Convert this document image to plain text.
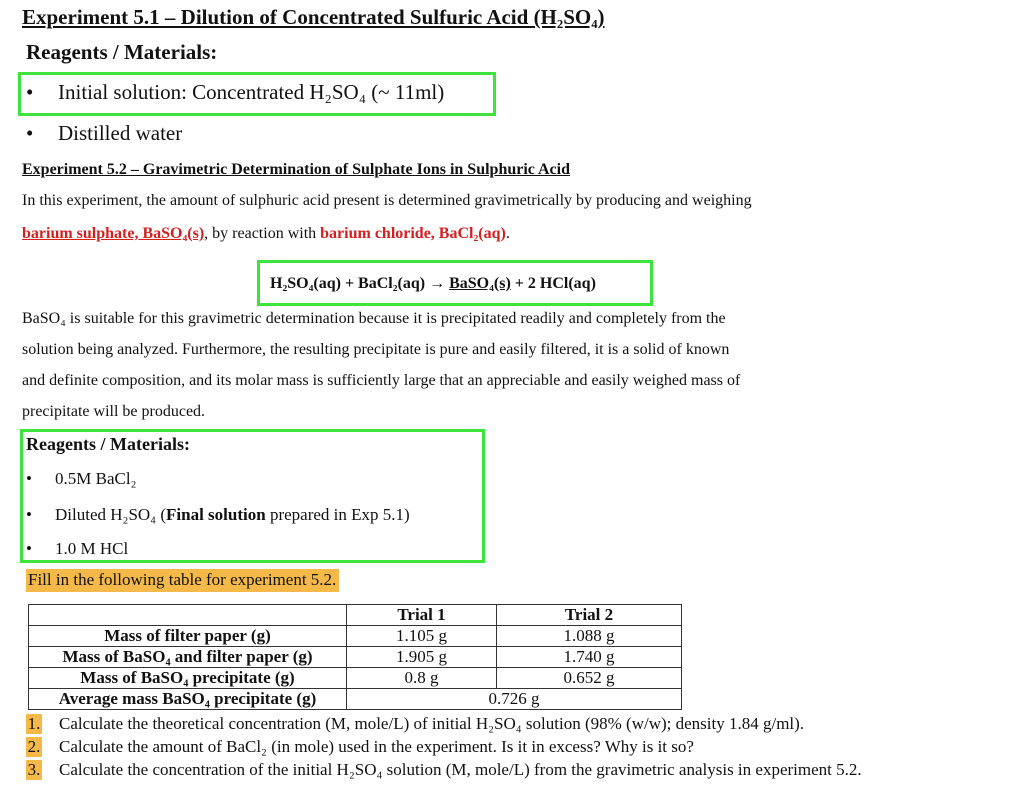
Experiment 5.1 – Dilution of Concentrated Sulfuric Acid (H₂SO₄)
Reagents / Materials:
• Initial solution: Concentrated H₂SO₄ (~ 11ml)
• Distilled water
Experiment 5.2 – Gravimetric Determination of Sulphate Ions in Sulphuric Acid
In this experiment, the amount of sulphuric acid present is determined gravimetrically by producing and weighing
barium sulphate, BaSO₄(s), by reaction with barium chloride, BaCl₂(aq).
H₂SO₄(aq) + BaCl₂(aq) → BaSO₄(s) + 2 HCl(aq)
BaSO₄ is suitable for this gravimetric determination because it is precipitated readily and completely from the
solution being analyzed. Furthermore, the resulting precipitate is pure and easily filtered, it is a solid of known
and definite composition, and its molar mass is sufficiently large that an appreciable and easily weighed mass of
precipitate will be produced.
Reagents / Materials:
• 0.5M BaCl₂
• Diluted H₂SO₄ (Final solution prepared in Exp 5.1)
• 1.0 M HCl
Fill in the following table for experiment 5.2.
	Trial 1	Trial 2
Mass of filter paper (g)	1.105 g	1.088 g
Mass of BaSO₄ and filter paper (g)	1.905 g	1.740 g
Mass of BaSO₄ precipitate (g)	0.8 g	0.652 g
Average mass BaSO₄ precipitate (g)	0.726 g	
1. Calculate the theoretical concentration (M, mole/L) of initial H₂SO₄ solution (98% (w/w); density 1.84 g/ml).
2. Calculate the amount of BaCl₂ (in mole) used in the experiment. Is it in excess? Why is it so?
3. Calculate the concentration of the initial H₂SO₄ solution (M, mole/L) from the gravimetric analysis in experiment 5.2.
